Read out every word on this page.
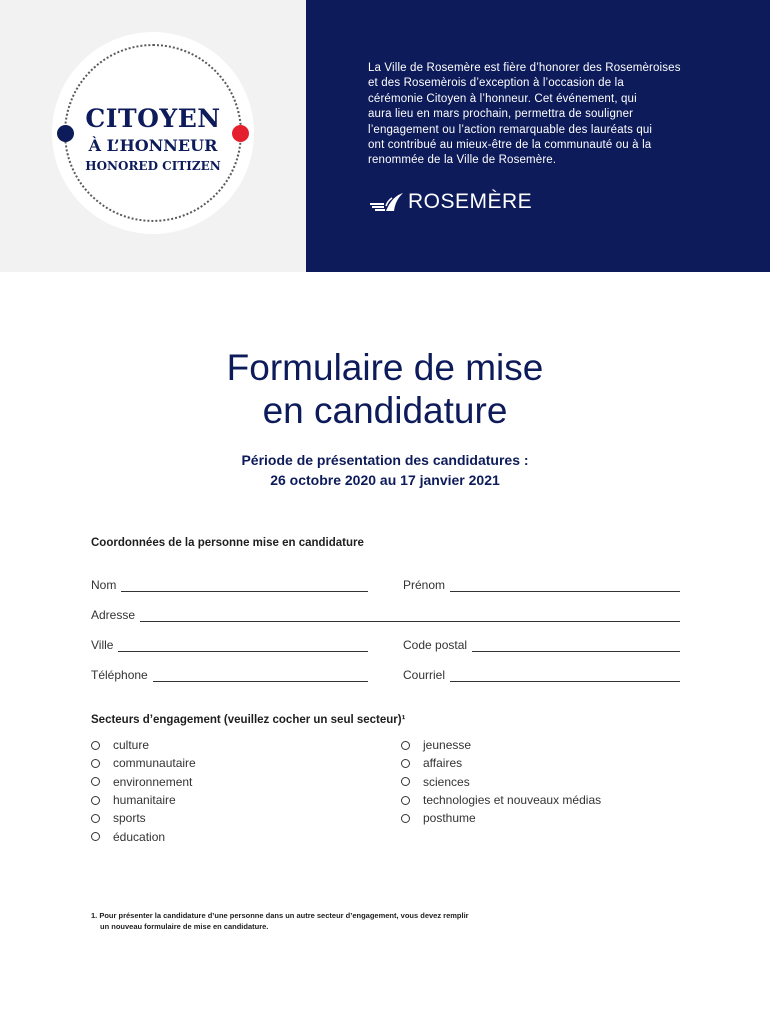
CITOYEN
À L’HONNEUR
HONORED CITIZEN
La Ville de Rosemère est fière d’honorer des Rosemèroises
et des Rosemèrois d’exception à l’occasion de la
cérémonie Citoyen à l’honneur. Cet événement, qui
aura lieu en mars prochain, permettra de souligner
l’engagement ou l’action remarquable des lauréats qui
ont contribué au mieux-être de la communauté ou à la
renommée de la Ville de Rosemère.
ROSEMÈRE
Formulaire de mise
en candidature
Période de présentation des candidatures :
26 octobre 2020 au 17 janvier 2021
Coordonnées de la personne mise en candidature
Nom	Prénom
Adresse
Ville	Code postal
Téléphone	Courriel
Secteurs d’engagement (veuillez cocher un seul secteur)¹
culture
communautaire
environnement
humanitaire
sports
éducation
jeunesse
affaires
sciences
technologies et nouveaux médias
posthume
1. Pour présenter la candidature d’une personne dans un autre secteur d’engagement, vous devez remplir
un nouveau formulaire de mise en candidature.
